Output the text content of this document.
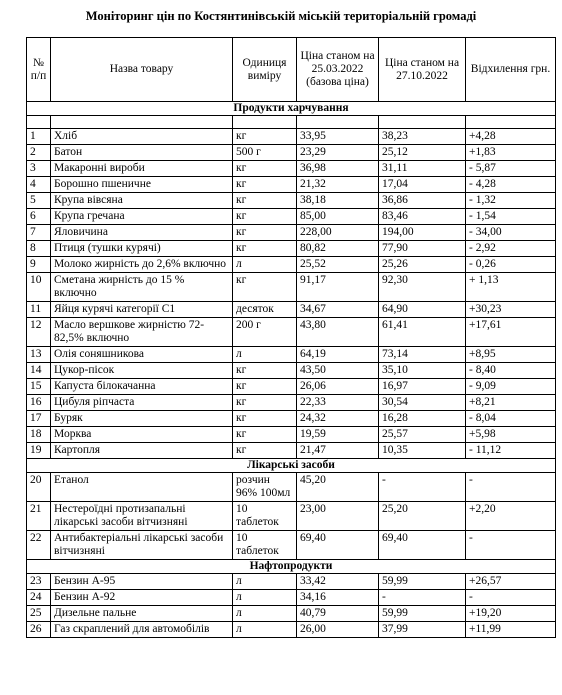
Моніторинг цін по Костянтинівській міській територіальній громаді
№ п/п	Назва товару	Одиниця виміру	Ціна станом на 25.03.2022 (базова ціна)	Ціна станом на 27.10.2022	Відхилення грн.
Продукти харчування					

1	Хліб	кг	33,95	38,23	+4,28
2	Батон	500 г	23,29	25,12	+1,83
3	Макаронні вироби	кг	36,98	31,11	- 5,87
4	Борошно пшеничне	кг	21,32	17,04	- 4,28
5	Крупа вівсяна	кг	38,18	36,86	- 1,32
6	Крупа гречана	кг	85,00	83,46	- 1,54
7	Яловичина	кг	228,00	194,00	- 34,00
8	Птиця (тушки курячі)	кг	80,82	77,90	- 2,92
9	Молоко жирність до 2,6% включно	л	25,52	25,26	- 0,26
10	Сметана жирність до 15 % включно	кг	91,17	92,30	+ 1,13
11	Яйця курячі категорії С1	десяток	34,67	64,90	+30,23
12	Масло вершкове жирністю 72-82,5% включно	200 г	43,80	61,41	+17,61
13	Олія соняшникова	л	64,19	73,14	+8,95
14	Цукор-пісок	кг	43,50	35,10	- 8,40
15	Капуста білокачанна	кг	26,06	16,97	- 9,09
16	Цибуля ріпчаста	кг	22,33	30,54	+8,21
17	Буряк	кг	24,32	16,28	- 8,04
18	Морква	кг	19,59	25,57	+5,98
19	Картопля	кг	21,47	10,35	- 11,12
Лікарські засоби					
20	Етанол	розчин 96% 100мл	45,20	-	-
21	Нестероїдні протизапальні лікарські засоби вітчизняні	10 таблеток	23,00	25,20	+2,20
22	Антибактеріальні лікарські засоби вітчизняні	10 таблеток	69,40	69,40	-
Нафтопродукти					
23	Бензин А-95	л	33,42	59,99	+26,57
24	Бензин А-92	л	34,16	-	-
25	Дизельне пальне	л	40,79	59,99	+19,20
26	Газ скраплений для автомобілів	л	26,00	37,99	+11,99
